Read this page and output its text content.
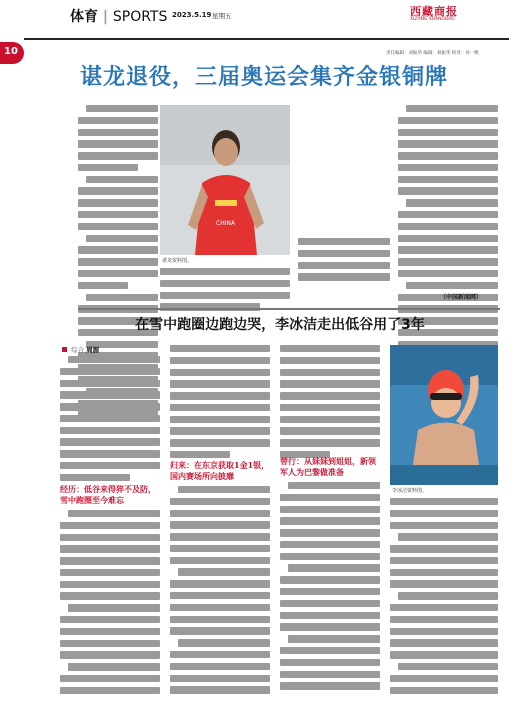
体育 | SPORTS 2023.5.19 星期五	西藏商报
XIZANG SHANGBAO
10	责任编辑：刘振华 编辑：刘振华 校对：孙一帆
谌龙退役，三届奥运会集齐金银铜牌
CHINA
谌龙资料图。
（中国新闻网）
在雪中跑圈边跑边哭，李冰洁走出低谷用了3年
综合 周源
经历：低谷来得猝不及防，雪中跑圈至今难忘
归来：在东京获取1金1银，国内赛场所向披靡
替行：从妹妹到姐姐，新领军人为巴黎做准备
李冰洁资料图。
